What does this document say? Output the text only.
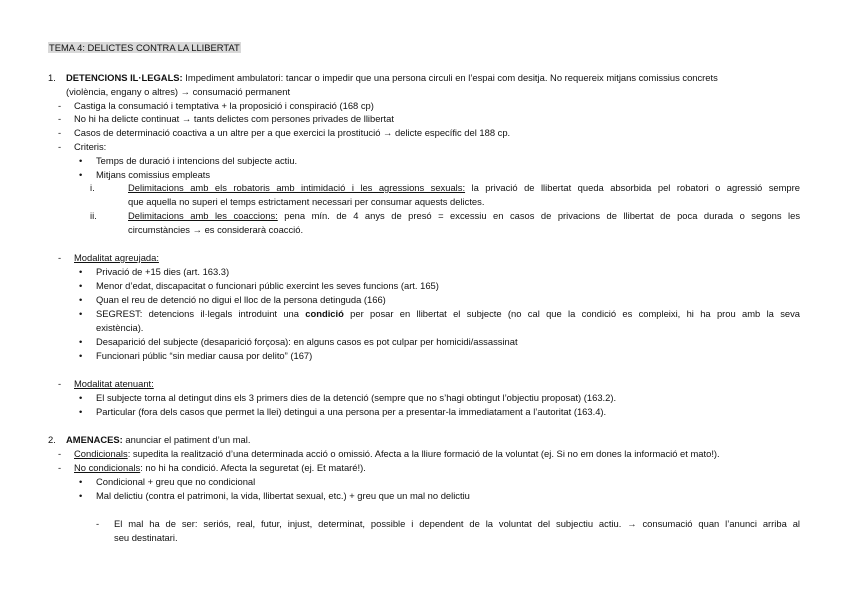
TEMA 4: DELICTES CONTRA LA LLIBERTAT
1. DETENCIONS IL·LEGALS: Impediment ambulatori: tancar o impedir que una persona circuli en l’espai com desitja. No requereix mitjans comissius concrets
(violència, engany o altres) → consumació permanent
- Castiga la consumació i temptativa + la proposició i conspiració (168 cp)
- No hi ha delicte continuat → tants delictes com persones privades de llibertat
- Casos de determinació coactiva a un altre per a que exercici la prostitució → delicte específic del 188 cp.
- Criteris:
• Temps de duració i intencions del subjecte actiu.
• Mitjans comissius empleats
i.	Delimitacions amb els robatoris amb intimidació i les agressions sexuals: la privació de llibertat queda absorbida pel robatori o agressió sempre
que aquella no superi el temps estrictament necessari per consumar aquests delictes.
ii.	Delimitacions amb les coaccions: pena mín. de 4 anys de presó = excessiu en casos de privacions de llibertat de poca durada o segons les
circumstàncies → es considerarà coacció.
- Modalitat agreujada:
• Privació de +15 dies (art. 163.3)
• Menor d’edat, discapacitat o funcionari públic exercint les seves funcions (art. 165)
• Quan el reu de detenció no digui el lloc de la persona detinguda (166)
• SEGREST: detencions il·legals introduint una condició per posar en llibertat el subjecte (no cal que la condició es compleixi, hi ha prou amb la seva
existència).
• Desaparició del subjecte (desaparició forçosa): en alguns casos es pot culpar per homicidi/assassinat
• Funcionari públic “sin mediar causa por delito” (167)
- Modalitat atenuant:
• El subjecte torna al detingut dins els 3 primers dies de la detenció (sempre que no s’hagi obtingut l’objectiu proposat) (163.2).
• Particular (fora dels casos que permet la llei) detingui a una persona per a presentar-la immediatament a l’autoritat (163.4).
2. AMENACES: anunciar el patiment d’un mal.
- Condicionals: supedita la realització d’una determinada acció o omissió. Afecta a la lliure formació de la voluntat (ej. Si no em dones la informació et mato!).
- No condicionals: no hi ha condició. Afecta la seguretat (ej. Et mataré!).
• Condicional + greu que no condicional
• Mal delictiu (contra el patrimoni, la vida, llibertat sexual, etc.) + greu que un mal no delictiu
- El mal ha de ser: seriós, real, futur, injust, determinat, possible i dependent de la voluntat del subjectiu actiu. → consumació quan l’anunci arriba al
seu destinatari.
